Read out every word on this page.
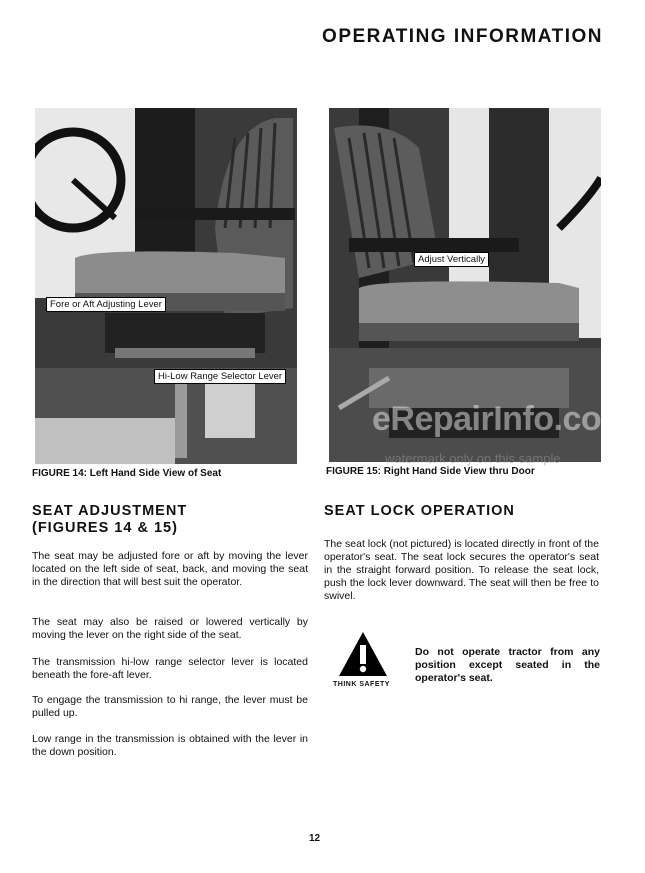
OPERATING INFORMATION
Fore or Aft Adjusting Lever
Hi-Low Range Selector Lever
FIGURE 14: Left Hand Side View of Seat
Adjust Vertically
eRepairInfo.com
watermark only on this sample
FIGURE 15: Right Hand Side View thru Door
SEAT ADJUSTMENT
(FIGURES 14 & 15)
The seat may be adjusted fore or aft by moving the lever located on the left side of seat, back, and moving the seat in the direction that will best suit the operator.
The seat may also be raised or lowered vertically by moving the lever on the right side of the seat.
The transmission hi-low range selector lever is located beneath the fore-aft lever.
To engage the transmission to hi range, the lever must be pulled up.
Low range in the transmission is obtained with the lever in the down position.
SEAT LOCK OPERATION
The seat lock (not pictured) is located directly in front of the operator's seat. The seat lock secures the operator's seat in the straight forward position. To release the seat lock, push the lock lever downward. The seat will then be free to swivel.
THINK SAFETY
Do not operate tractor from any position except seated in the operator's seat.
12
